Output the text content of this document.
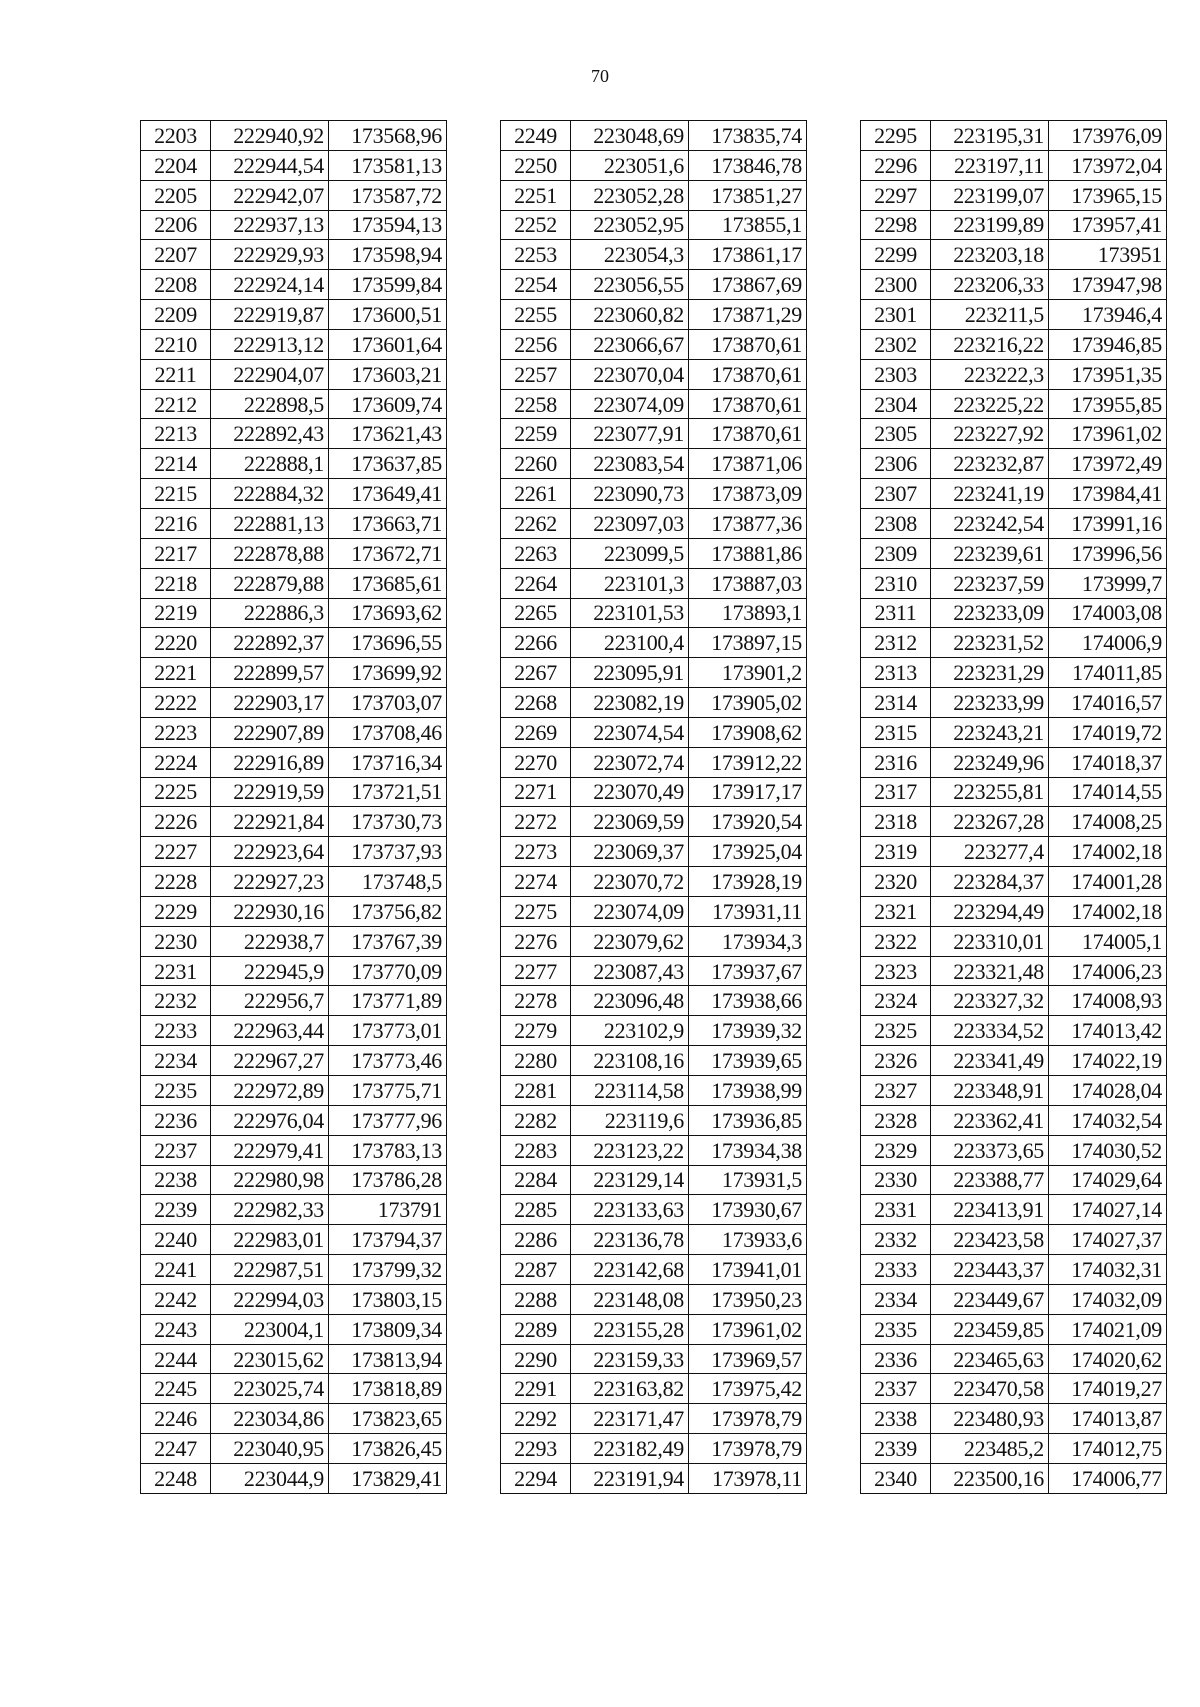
70
2203	222940,92	173568,96
2204	222944,54	173581,13
2205	222942,07	173587,72
2206	222937,13	173594,13
2207	222929,93	173598,94
2208	222924,14	173599,84
2209	222919,87	173600,51
2210	222913,12	173601,64
2211	222904,07	173603,21
2212	222898,5	173609,74
2213	222892,43	173621,43
2214	222888,1	173637,85
2215	222884,32	173649,41
2216	222881,13	173663,71
2217	222878,88	173672,71
2218	222879,88	173685,61
2219	222886,3	173693,62
2220	222892,37	173696,55
2221	222899,57	173699,92
2222	222903,17	173703,07
2223	222907,89	173708,46
2224	222916,89	173716,34
2225	222919,59	173721,51
2226	222921,84	173730,73
2227	222923,64	173737,93
2228	222927,23	173748,5
2229	222930,16	173756,82
2230	222938,7	173767,39
2231	222945,9	173770,09
2232	222956,7	173771,89
2233	222963,44	173773,01
2234	222967,27	173773,46
2235	222972,89	173775,71
2236	222976,04	173777,96
2237	222979,41	173783,13
2238	222980,98	173786,28
2239	222982,33	173791
2240	222983,01	173794,37
2241	222987,51	173799,32
2242	222994,03	173803,15
2243	223004,1	173809,34
2244	223015,62	173813,94
2245	223025,74	173818,89
2246	223034,86	173823,65
2247	223040,95	173826,45
2248	223044,9	173829,41
2249	223048,69	173835,74
2250	223051,6	173846,78
2251	223052,28	173851,27
2252	223052,95	173855,1
2253	223054,3	173861,17
2254	223056,55	173867,69
2255	223060,82	173871,29
2256	223066,67	173870,61
2257	223070,04	173870,61
2258	223074,09	173870,61
2259	223077,91	173870,61
2260	223083,54	173871,06
2261	223090,73	173873,09
2262	223097,03	173877,36
2263	223099,5	173881,86
2264	223101,3	173887,03
2265	223101,53	173893,1
2266	223100,4	173897,15
2267	223095,91	173901,2
2268	223082,19	173905,02
2269	223074,54	173908,62
2270	223072,74	173912,22
2271	223070,49	173917,17
2272	223069,59	173920,54
2273	223069,37	173925,04
2274	223070,72	173928,19
2275	223074,09	173931,11
2276	223079,62	173934,3
2277	223087,43	173937,67
2278	223096,48	173938,66
2279	223102,9	173939,32
2280	223108,16	173939,65
2281	223114,58	173938,99
2282	223119,6	173936,85
2283	223123,22	173934,38
2284	223129,14	173931,5
2285	223133,63	173930,67
2286	223136,78	173933,6
2287	223142,68	173941,01
2288	223148,08	173950,23
2289	223155,28	173961,02
2290	223159,33	173969,57
2291	223163,82	173975,42
2292	223171,47	173978,79
2293	223182,49	173978,79
2294	223191,94	173978,11
2295	223195,31	173976,09
2296	223197,11	173972,04
2297	223199,07	173965,15
2298	223199,89	173957,41
2299	223203,18	173951
2300	223206,33	173947,98
2301	223211,5	173946,4
2302	223216,22	173946,85
2303	223222,3	173951,35
2304	223225,22	173955,85
2305	223227,92	173961,02
2306	223232,87	173972,49
2307	223241,19	173984,41
2308	223242,54	173991,16
2309	223239,61	173996,56
2310	223237,59	173999,7
2311	223233,09	174003,08
2312	223231,52	174006,9
2313	223231,29	174011,85
2314	223233,99	174016,57
2315	223243,21	174019,72
2316	223249,96	174018,37
2317	223255,81	174014,55
2318	223267,28	174008,25
2319	223277,4	174002,18
2320	223284,37	174001,28
2321	223294,49	174002,18
2322	223310,01	174005,1
2323	223321,48	174006,23
2324	223327,32	174008,93
2325	223334,52	174013,42
2326	223341,49	174022,19
2327	223348,91	174028,04
2328	223362,41	174032,54
2329	223373,65	174030,52
2330	223388,77	174029,64
2331	223413,91	174027,14
2332	223423,58	174027,37
2333	223443,37	174032,31
2334	223449,67	174032,09
2335	223459,85	174021,09
2336	223465,63	174020,62
2337	223470,58	174019,27
2338	223480,93	174013,87
2339	223485,2	174012,75
2340	223500,16	174006,77
